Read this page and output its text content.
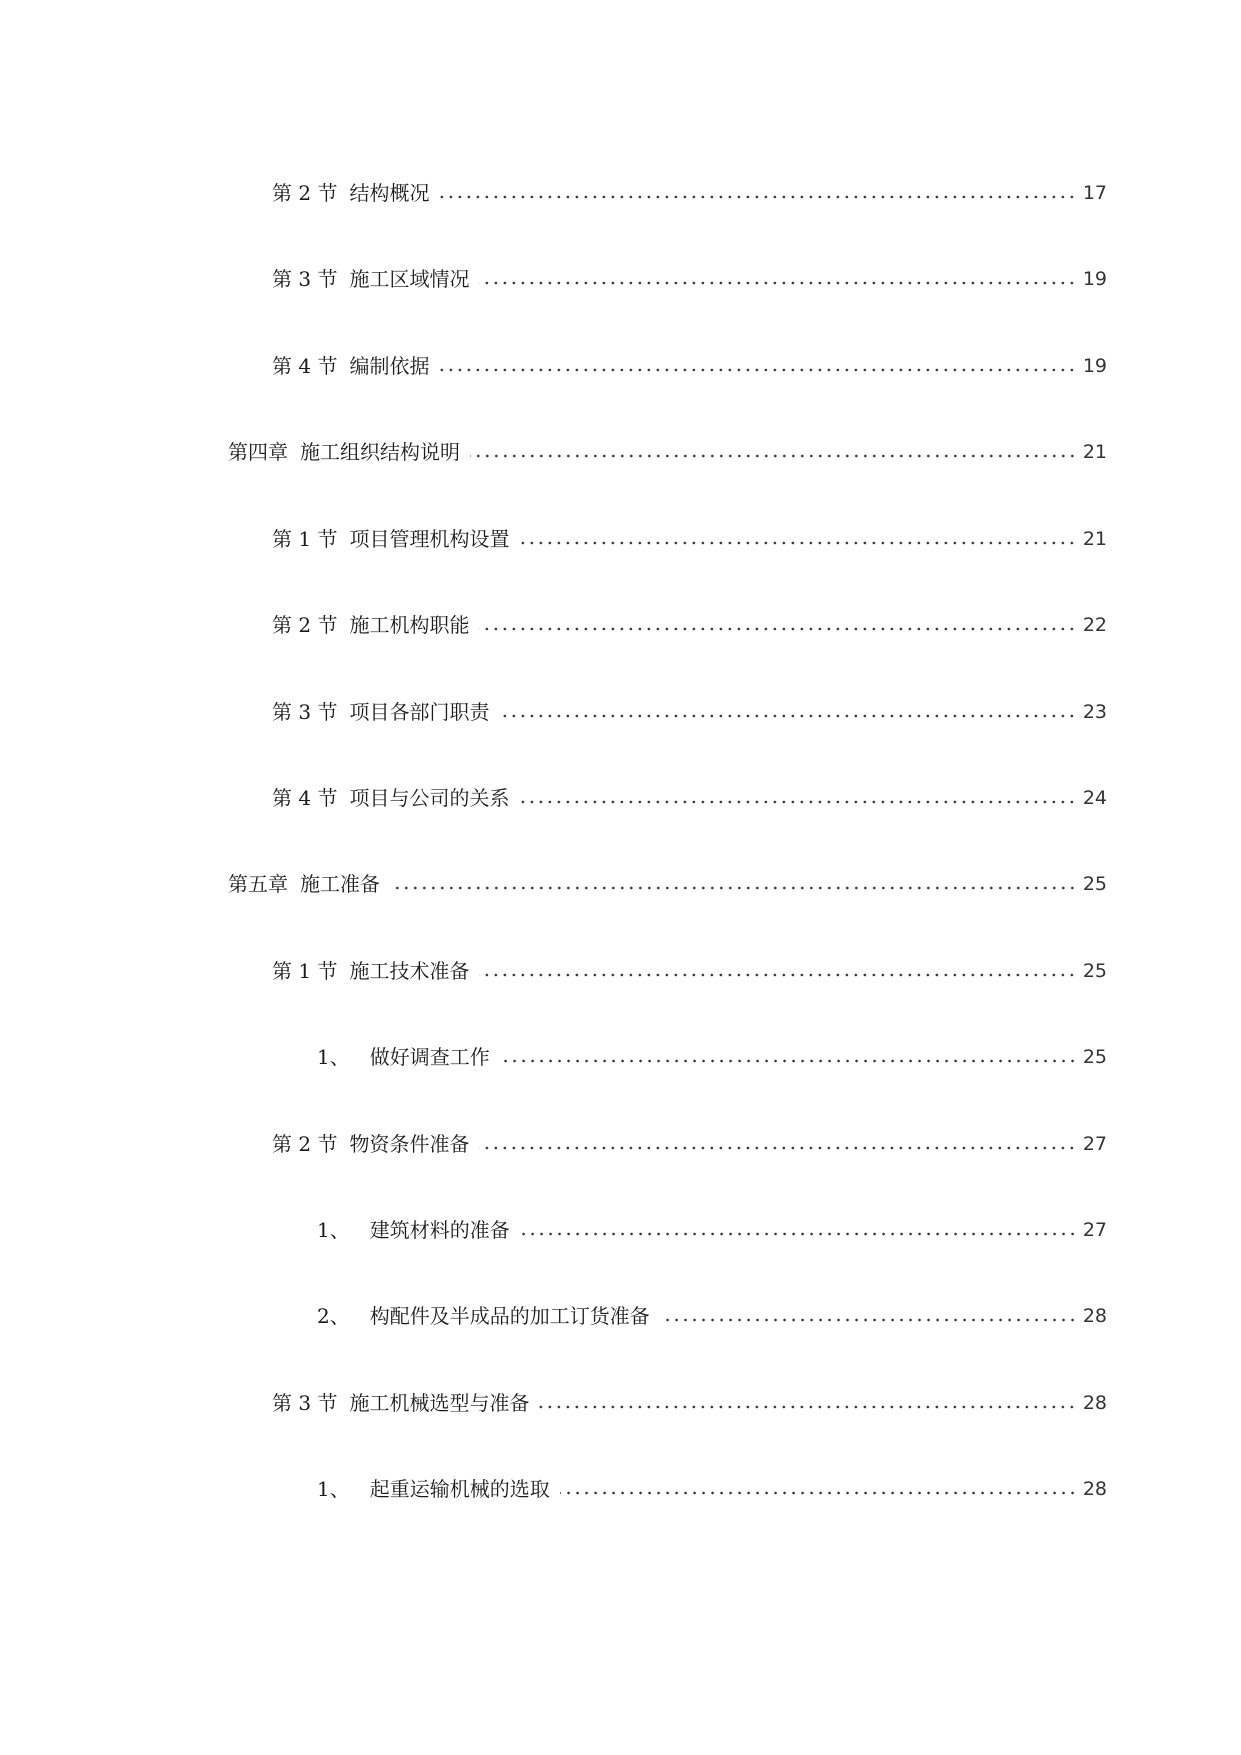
第 2 节 结构概况	17
第 3 节 施工区域情况	19
第 4 节 编制依据	19
第四章 施工组织结构说明	21
第 1 节 项目管理机构设置	21
第 2 节 施工机构职能	22
第 3 节 项目各部门职责	23
第 4 节 项目与公司的关系	24
第五章 施工准备	25
第 1 节 施工技术准备	25
1、 做好调查工作	25
第 2 节 物资条件准备	27
1、 建筑材料的准备	27
2、 构配件及半成品的加工订货准备	28
第 3 节 施工机械选型与准备	28
1、 起重运输机械的选取	28
